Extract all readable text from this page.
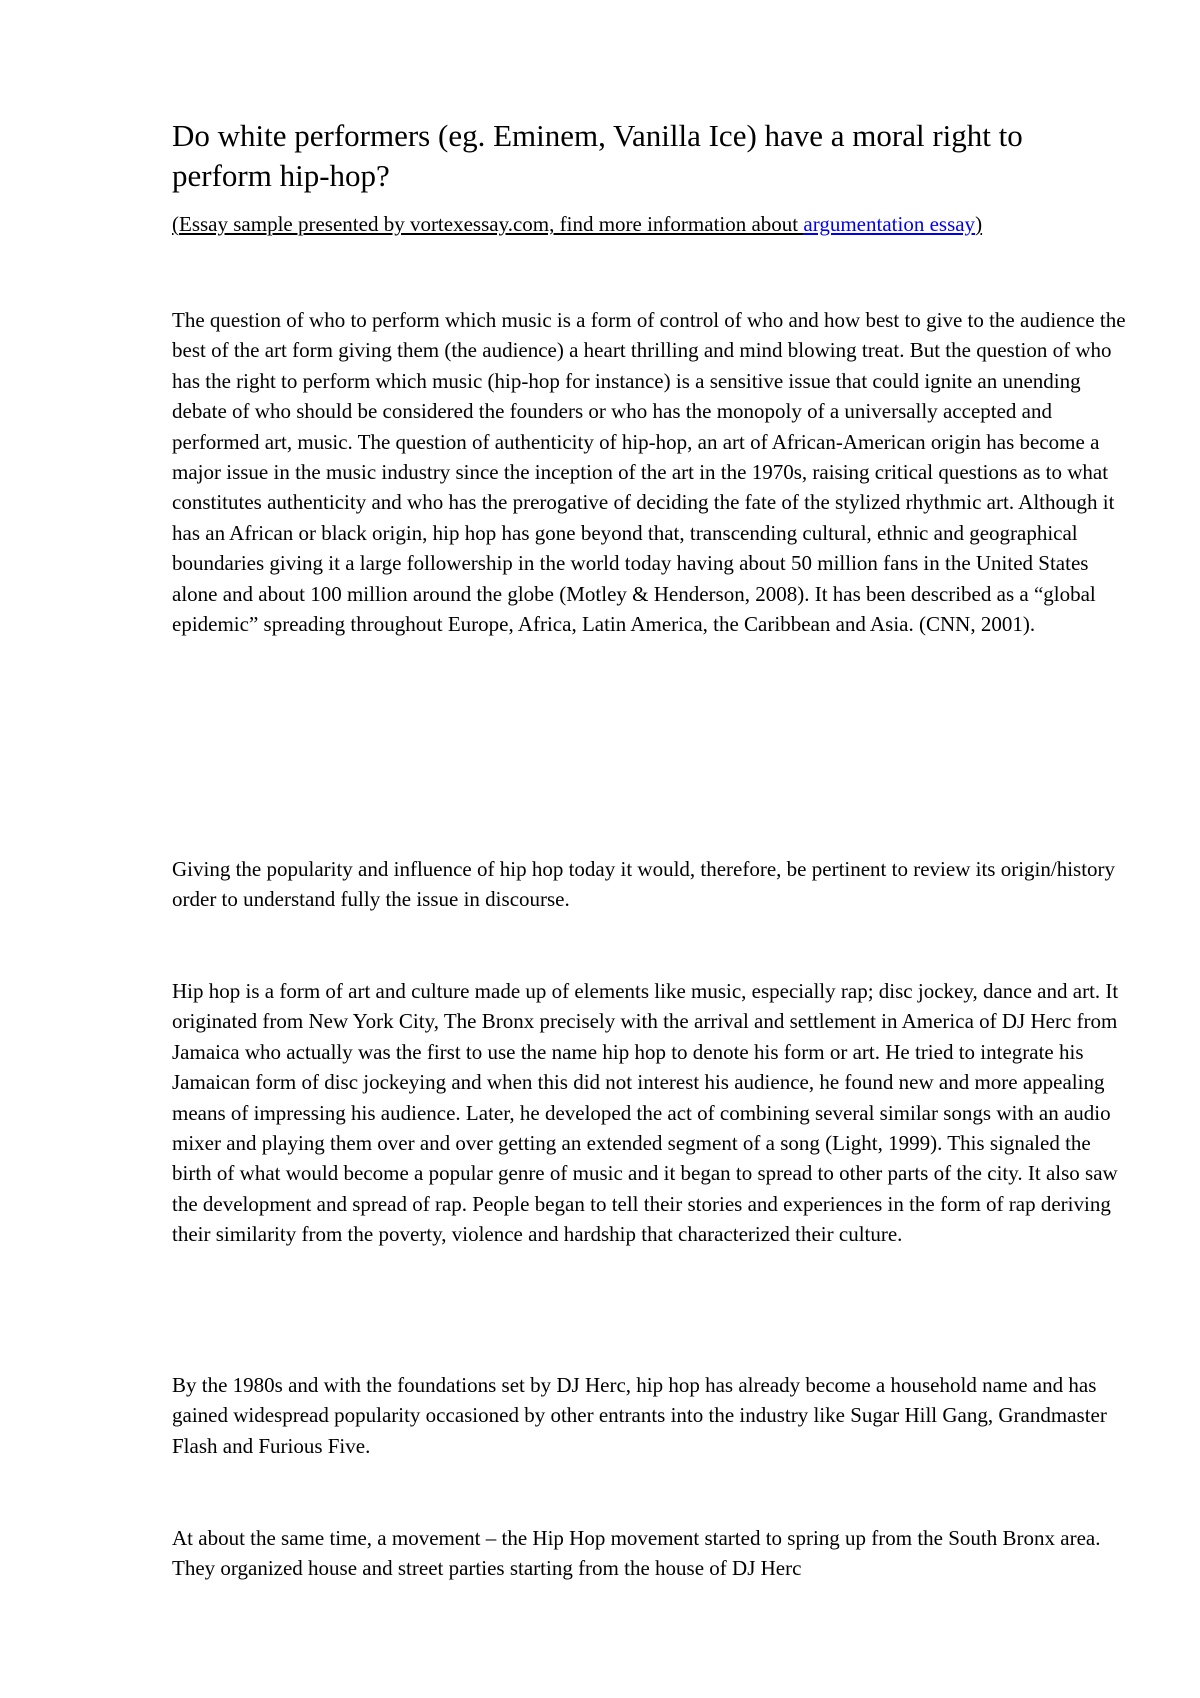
Do white performers (eg. Eminem, Vanilla Ice) have a moral right to perform hip-hop?

(Essay sample presented by vortexessay.com, find more information about argumentation essay)

The question of who to perform which music is a form of control of who and how best to give to the audience the best of the art form giving them (the audience) a heart thrilling and mind blowing treat. But the question of who has the right to perform which music (hip-hop for instance) is a sensitive issue that could ignite an unending debate of who should be considered the founders or who has the monopoly of a universally accepted and performed art, music. The question of authenticity of hip-hop, an art of African-American origin has become a major issue in the music industry since the inception of the art in the 1970s, raising critical questions as to what constitutes authenticity and who has the prerogative of deciding the fate of the stylized rhythmic art. Although it has an African or black origin, hip hop has gone beyond that, transcending cultural, ethnic and geographical boundaries giving it a large followership in the world today having about 50 million fans in the United States alone and about 100 million around the globe (Motley & Henderson, 2008). It has been described as a “global epidemic” spreading throughout Europe, Africa, Latin America, the Caribbean and Asia. (CNN, 2001).

Giving the popularity and influence of hip hop today it would, therefore, be pertinent to review its origin/history order to understand fully the issue in discourse.

Hip hop is a form of art and culture made up of elements like music, especially rap; disc jockey, dance and art. It originated from New York City, The Bronx precisely with the arrival and settlement in America of DJ Herc from Jamaica who actually was the first to use the name hip hop to denote his form or art. He tried to integrate his Jamaican form of disc jockeying and when this did not interest his audience, he found new and more appealing means of impressing his audience. Later, he developed the act of combining several similar songs with an audio mixer and playing them over and over getting an extended segment of a song (Light, 1999). This signaled the birth of what would become a popular genre of music and it began to spread to other parts of the city. It also saw the development and spread of rap. People began to tell their stories and experiences in the form of rap deriving their similarity from the poverty, violence and hardship that characterized their culture.

By the 1980s and with the foundations set by DJ Herc, hip hop has already become a household name and has gained widespread popularity occasioned by other entrants into the industry like Sugar Hill Gang, Grandmaster Flash and Furious Five.

At about the same time, a movement – the Hip Hop movement started to spring up from the South Bronx area. They organized house and street parties starting from the house of DJ Herc
